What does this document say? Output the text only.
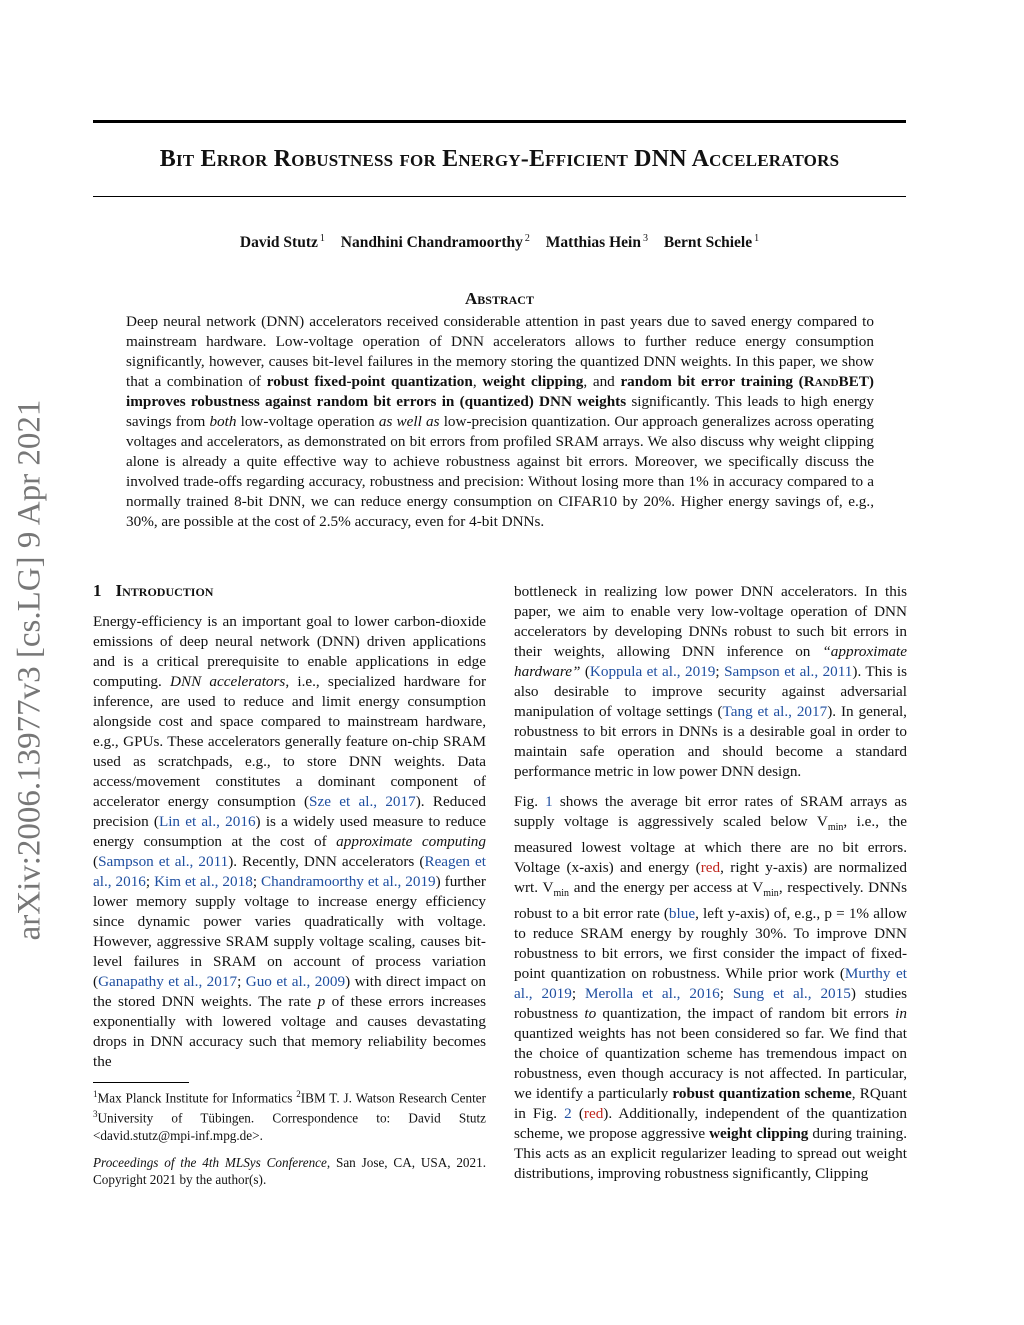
Bit Error Robustness for Energy-Efficient DNN Accelerators
David Stutz $^1$ Nandhini Chandramoorthy $^2$ Matthias Hein $^3$ Bernt Schiele $^1$
arXiv:2006.13977v3 [cs.LG] 9 Apr 2021
Abstract

Deep neural network (DNN) accelerators received considerable attention in past years due to saved energy compared to mainstream hardware. Low-voltage operation of DNN accelerators allows to further reduce energy consumption significantly, however, causes bit-level failures in the memory storing the quantized DNN weights. In this paper, we show that a combination of robust fixed-point quantization, weight clipping, and random bit error training (RandBET) improves robustness against random bit errors in (quantized) DNN weights significantly. This leads to high energy savings from both low-voltage operation as well as low-precision quantization. Our approach generalizes across operating voltages and accelerators, as demonstrated on bit errors from profiled SRAM arrays. We also discuss why weight clipping alone is already a quite effective way to achieve robustness against bit errors. Moreover, we specifically discuss the involved trade-offs regarding accuracy, robustness and precision: Without losing more than 1% in accuracy compared to a normally trained 8-bit DNN, we can reduce energy consumption on CIFAR10 by 20%. Higher energy savings of, e.g., 30%, are possible at the cost of 2.5% accuracy, even for 4-bit DNNs.

1 Introduction

Energy-efficiency is an important goal to lower carbon-dioxide emissions of deep neural network (DNN) driven applications and is a critical prerequisite to enable applications in edge computing. DNN accelerators, i.e., specialized hardware for inference, are used to reduce and limit energy consumption alongside cost and space compared to mainstream hardware, e.g., GPUs. These accelerators generally feature on-chip SRAM used as scratchpads, e.g., to store DNN weights. Data access/movement constitutes a dominant component of accelerator energy consumption (Sze et al., 2017). Reduced precision (Lin et al., 2016) is a widely used measure to reduce energy consumption at the cost of approximate computing (Sampson et al., 2011). Recently, DNN accelerators (Reagen et al., 2016; Kim et al., 2018; Chandramoorthy et al., 2019) further lower memory supply voltage to increase energy efficiency since dynamic power varies quadratically with voltage. However, aggressive SRAM supply voltage scaling, causes bit-level failures in SRAM on account of process variation (Ganapathy et al., 2017; Guo et al., 2009) with direct impact on the stored DNN weights. The rate p of these errors increases exponentially with lowered voltage and causes devastating drops in DNN accuracy such that memory reliability becomes the

$^1$Max Planck Institute for Informatics $^2$IBM T. J. Watson Research Center $^3$University of Tübingen. Correspondence to: David Stutz <david.stutz@mpi-inf.mpg.de>.

Proceedings of the 4th MLSys Conference, San Jose, CA, USA, 2021. Copyright 2021 by the author(s).

bottleneck in realizing low power DNN accelerators. In this paper, we aim to enable very low-voltage operation of DNN accelerators by developing DNNs robust to such bit errors in their weights, allowing DNN inference on “approximate hardware” (Koppula et al., 2019; Sampson et al., 2011). This is also desirable to improve security against adversarial manipulation of voltage settings (Tang et al., 2017). In general, robustness to bit errors in DNNs is a desirable goal in order to maintain safe operation and should become a standard performance metric in low power DNN design.

Fig. 1 shows the average bit error rates of SRAM arrays as supply voltage is aggressively scaled below $V_{min}$, i.e., the measured lowest voltage at which there are no bit errors. Voltage (x-axis) and energy (red, right y-axis) are normalized wrt. $V_{min}$ and the energy per access at $V_{min}$, respectively. DNNs robust to a bit error rate (blue, left y-axis) of, e.g., p = 1% allow to reduce SRAM energy by roughly 30%. To improve DNN robustness to bit errors, we first consider the impact of fixed-point quantization on robustness. While prior work (Murthy et al., 2019; Merolla et al., 2016; Sung et al., 2015) studies robustness to quantization, the impact of random bit errors in quantized weights has not been considered so far. We find that the choice of quantization scheme has tremendous impact on robustness, even though accuracy is not affected. In particular, we identify a particularly robust quantization scheme, RQuant in Fig. 2 (red). Additionally, independent of the quantization scheme, we propose aggressive weight clipping during training. This acts as an explicit regularizer leading to spread out weight distributions, improving robustness significantly, Clipping
